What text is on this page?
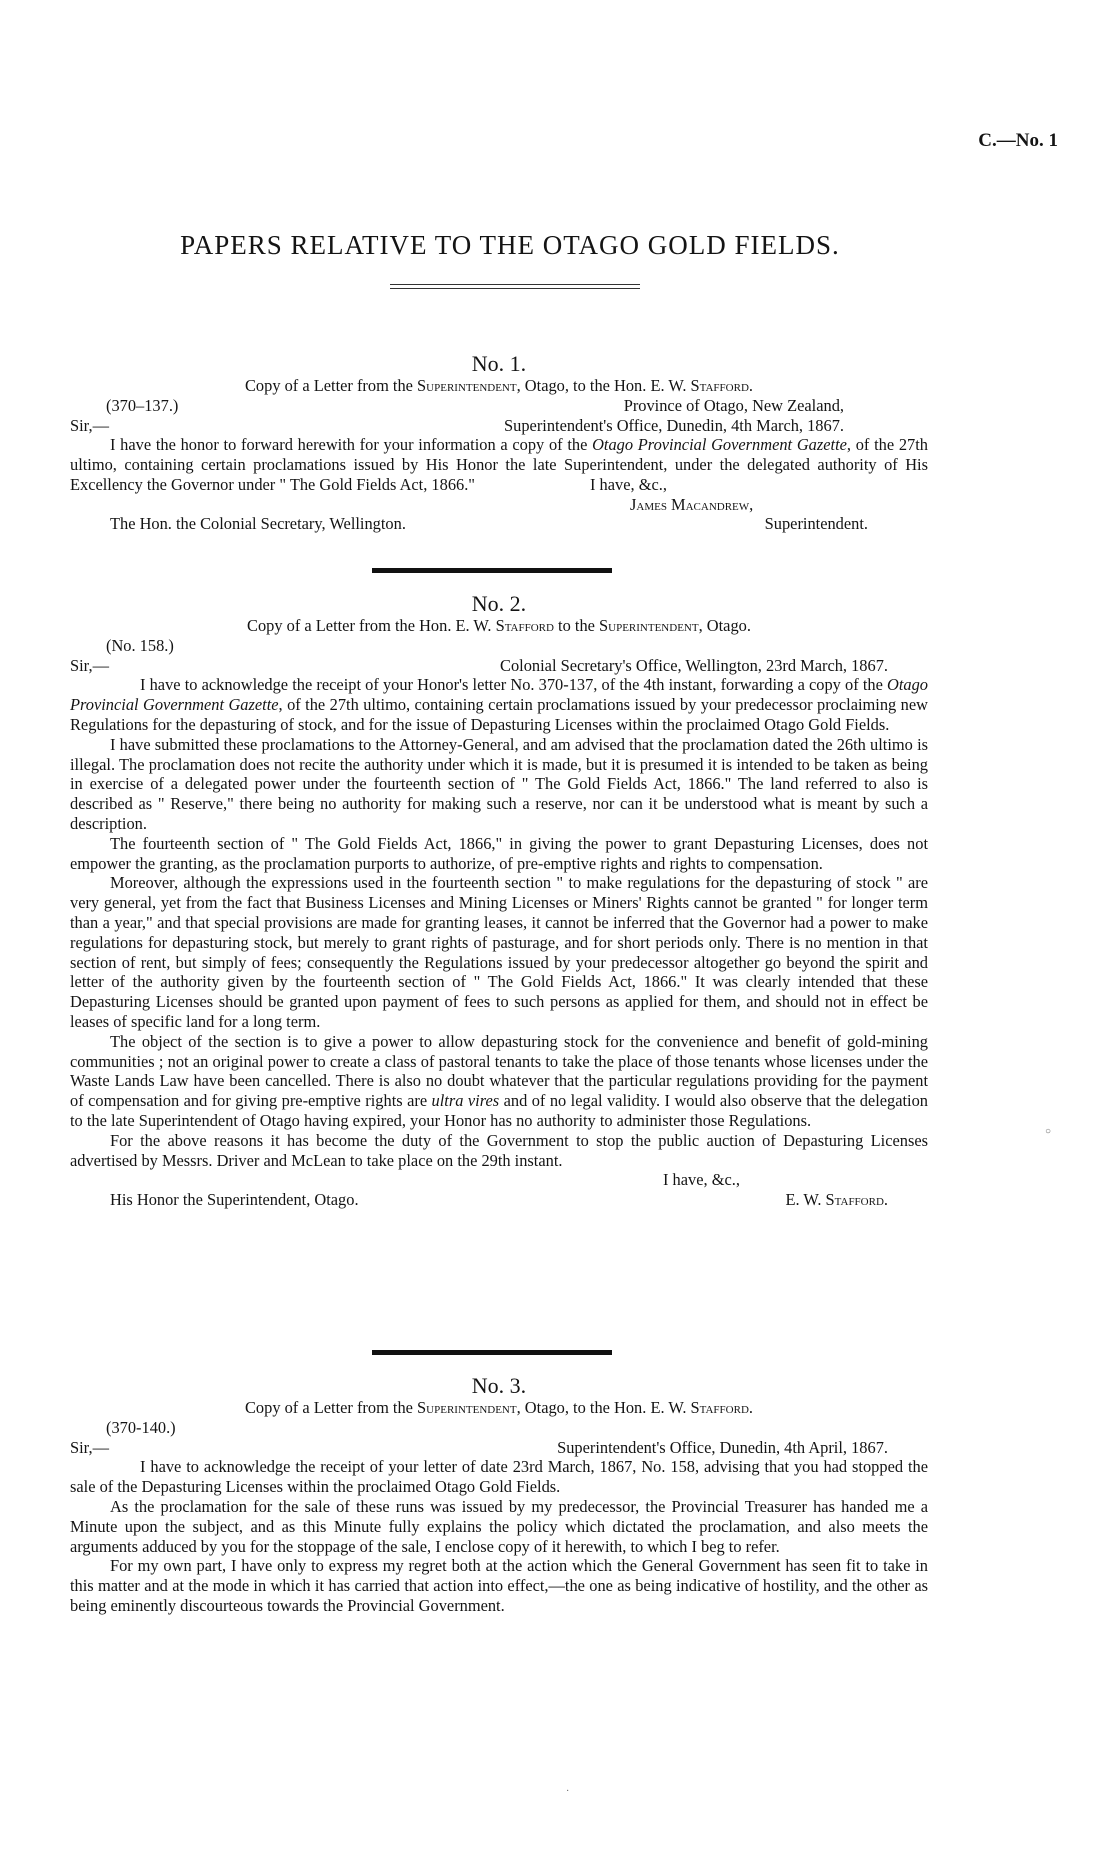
C.—No. 1
PAPERS RELATIVE TO THE OTAGO GOLD FIELDS.

No. 1.

Copy of a Letter from the Superintendent, Otago, to the Hon. E. W. Stafford.

(370–137.)	Province of Otago, New Zealand,
Sir,—	Superintendent's Office, Dunedin, 4th March, 1867.

I have the honor to forward herewith for your information a copy of the Otago Provincial Government Gazette, of the 27th ultimo, containing certain proclamations issued by His Honor the late Superintendent, under the delegated authority of His Excellency the Governor under " The Gold Fields Act, 1866."	I have, &c.,

James Macandrew,

The Hon. the Colonial Secretary, Wellington.	Superintendent.

No. 2.

Copy of a Letter from the Hon. E. W. Stafford to the Superintendent, Otago.

(No. 158.)

Sir,—	Colonial Secretary's Office, Wellington, 23rd March, 1867.

I have to acknowledge the receipt of your Honor's letter No. 370-137, of the 4th instant, forwarding a copy of the Otago Provincial Government Gazette, of the 27th ultimo, containing certain proclamations issued by your predecessor proclaiming new Regulations for the depasturing of stock, and for the issue of Depasturing Licenses within the proclaimed Otago Gold Fields.

I have submitted these proclamations to the Attorney-General, and am advised that the proclamation dated the 26th ultimo is illegal. The proclamation does not recite the authority under which it is made, but it is presumed it is intended to be taken as being in exercise of a delegated power under the fourteenth section of " The Gold Fields Act, 1866." The land referred to also is described as " Reserve," there being no authority for making such a reserve, nor can it be understood what is meant by such a description.

The fourteenth section of " The Gold Fields Act, 1866," in giving the power to grant Depasturing Licenses, does not empower the granting, as the proclamation purports to authorize, of pre-emptive rights and rights to compensation.

Moreover, although the expressions used in the fourteenth section " to make regulations for the depasturing of stock " are very general, yet from the fact that Business Licenses and Mining Licenses or Miners' Rights cannot be granted " for longer term than a year," and that special provisions are made for granting leases, it cannot be inferred that the Governor had a power to make regulations for depasturing stock, but merely to grant rights of pasturage, and for short periods only. There is no mention in that section of rent, but simply of fees; consequently the Regulations issued by your predecessor altogether go beyond the spirit and letter of the authority given by the fourteenth section of " The Gold Fields Act, 1866." It was clearly intended that these Depasturing Licenses should be granted upon payment of fees to such persons as applied for them, and should not in effect be leases of specific land for a long term.

The object of the section is to give a power to allow depasturing stock for the convenience and benefit of gold-mining communities ; not an original power to create a class of pastoral tenants to take the place of those tenants whose licenses under the Waste Lands Law have been cancelled. There is also no doubt whatever that the particular regulations providing for the payment of compensation and for giving pre-emptive rights are ultra vires and of no legal validity. I would also observe that the delegation to the late Superintendent of Otago having expired, your Honor has no authority to administer those Regulations.

For the above reasons it has become the duty of the Government to stop the public auction of Depasturing Licenses advertised by Messrs. Driver and McLean to take place on the 29th instant.

I have, &c.,

His Honor the Superintendent, Otago.	E. W. Stafford.

No. 3.

Copy of a Letter from the Superintendent, Otago, to the Hon. E. W. Stafford.

(370-140.)

Sir,—	Superintendent's Office, Dunedin, 4th April, 1867.

I have to acknowledge the receipt of your letter of date 23rd March, 1867, No. 158, advising that you had stopped the sale of the Depasturing Licenses within the proclaimed Otago Gold Fields.

As the proclamation for the sale of these runs was issued by my predecessor, the Provincial Treasurer has handed me a Minute upon the subject, and as this Minute fully explains the policy which dictated the proclamation, and also meets the arguments adduced by you for the stoppage of the sale, I enclose copy of it herewith, to which I beg to refer.

For my own part, I have only to express my regret both at the action which the General Government has seen fit to take in this matter and at the mode in which it has carried that action into effect,—the one as being indicative of hostility, and the other as being eminently discourteous towards the Provincial Government.

○
·
